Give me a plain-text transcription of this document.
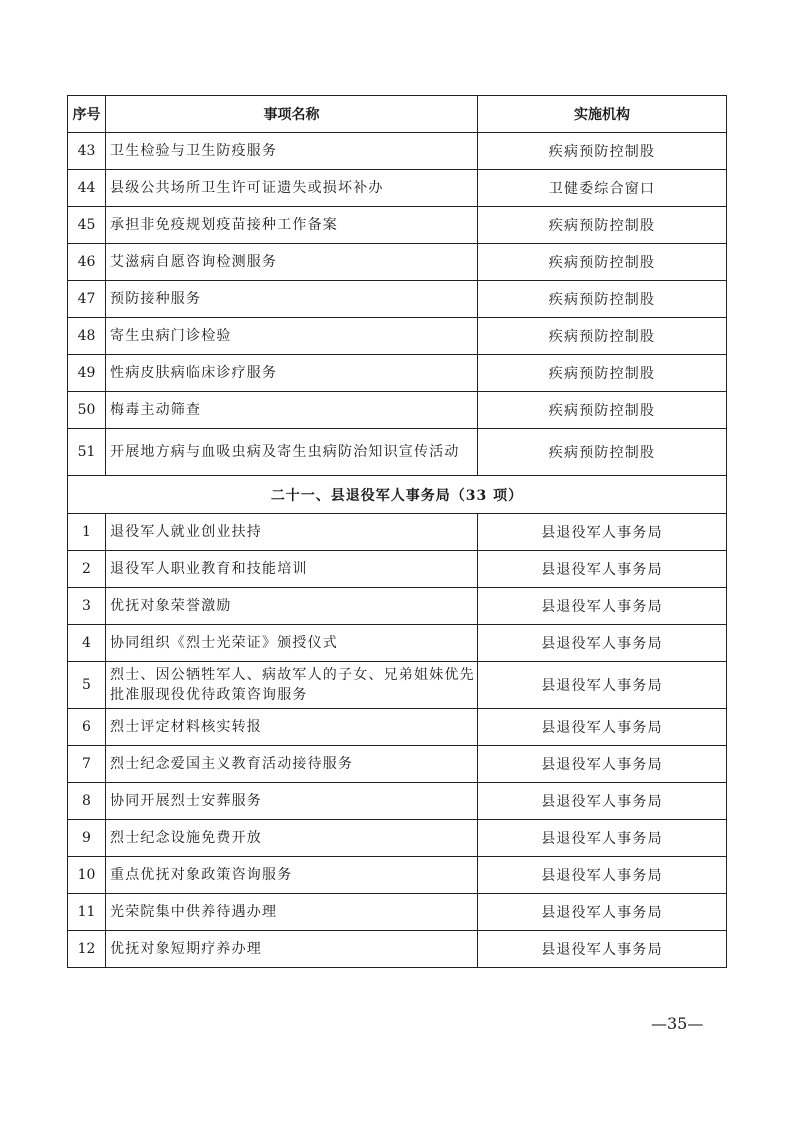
序号	事项名称	实施机构
43	卫生检验与卫生防疫服务	疾病预防控制股
44	县级公共场所卫生许可证遗失或损坏补办	卫健委综合窗口
45	承担非免疫规划疫苗接种工作备案	疾病预防控制股
46	艾滋病自愿咨询检测服务	疾病预防控制股
47	预防接种服务	疾病预防控制股
48	寄生虫病门诊检验	疾病预防控制股
49	性病皮肤病临床诊疗服务	疾病预防控制股
50	梅毒主动筛查	疾病预防控制股
51	开展地方病与血吸虫病及寄生虫病防治知识宣传活动	疾病预防控制股
二十一、县退役军人事务局（33 项）		
1	退役军人就业创业扶持	县退役军人事务局
2	退役军人职业教育和技能培训	县退役军人事务局
3	优抚对象荣誉激励	县退役军人事务局
4	协同组织《烈士光荣证》颁授仪式	县退役军人事务局
5	烈士、因公牺牲军人、病故军人的子女、兄弟姐妹优先批准服现役优待政策咨询服务	县退役军人事务局
6	烈士评定材料核实转报	县退役军人事务局
7	烈士纪念爱国主义教育活动接待服务	县退役军人事务局
8	协同开展烈士安葬服务	县退役军人事务局
9	烈士纪念设施免费开放	县退役军人事务局
10	重点优抚对象政策咨询服务	县退役军人事务局
11	光荣院集中供养待遇办理	县退役军人事务局
12	优抚对象短期疗养办理	县退役军人事务局
—35—
